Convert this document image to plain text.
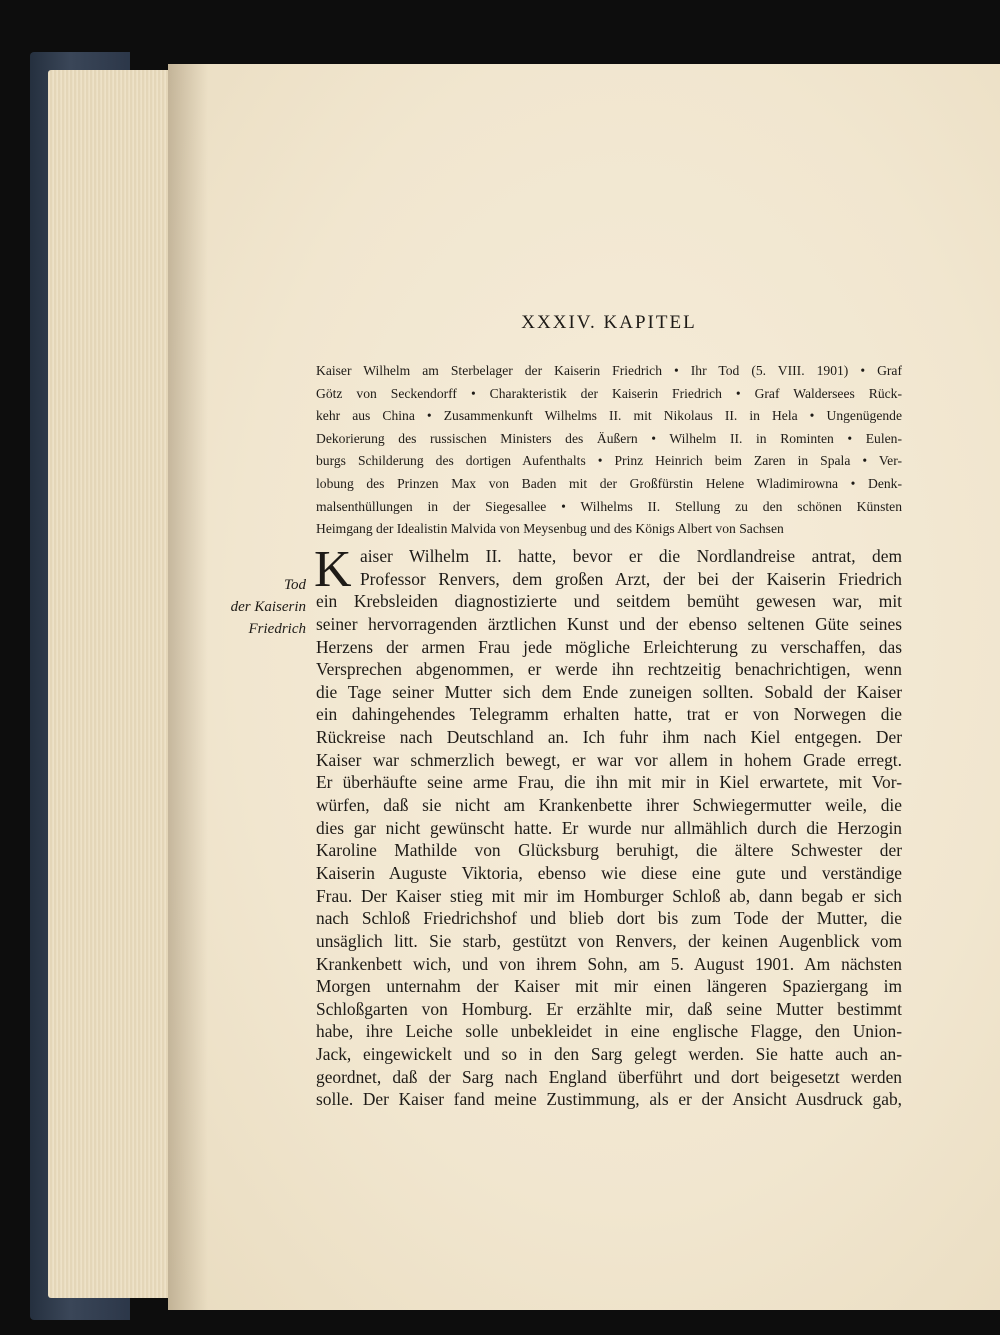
XXXIV. KAPITEL
Kaiser Wilhelm am Sterbelager der Kaiserin Friedrich • Ihr Tod (5. VIII. 1901) • Graf
Götz von Seckendorff • Charakteristik der Kaiserin Friedrich • Graf Waldersees Rück-
kehr aus China • Zusammenkunft Wilhelms II. mit Nikolaus II. in Hela • Ungenügende
Dekorierung des russischen Ministers des Äußern • Wilhelm II. in Rominten • Eulen-
burgs Schilderung des dortigen Aufenthalts • Prinz Heinrich beim Zaren in Spala • Ver-
lobung des Prinzen Max von Baden mit der Großfürstin Helene Wladimirowna • Denk-
malsenthüllungen in der Siegesallee • Wilhelms II. Stellung zu den schönen Künsten
Heimgang der Idealistin Malvida von Meysenbug und des Königs Albert von Sachsen
Tod
der Kaiserin
Friedrich
K aiser Wilhelm II. hatte, bevor er die Nordlandreise antrat, dem
Professor Renvers, dem großen Arzt, der bei der Kaiserin Friedrich
ein Krebsleiden diagnostizierte und seitdem bemüht gewesen war, mit
seiner hervorragenden ärztlichen Kunst und der ebenso seltenen Güte seines
Herzens der armen Frau jede mögliche Erleichterung zu verschaffen, das
Versprechen abgenommen, er werde ihn rechtzeitig benachrichtigen, wenn
die Tage seiner Mutter sich dem Ende zuneigen sollten. Sobald der Kaiser
ein dahingehendes Telegramm erhalten hatte, trat er von Norwegen die
Rückreise nach Deutschland an. Ich fuhr ihm nach Kiel entgegen. Der
Kaiser war schmerzlich bewegt, er war vor allem in hohem Grade erregt.
Er überhäufte seine arme Frau, die ihn mit mir in Kiel erwartete, mit Vor-
würfen, daß sie nicht am Krankenbette ihrer Schwiegermutter weile, die
dies gar nicht gewünscht hatte. Er wurde nur allmählich durch die Herzogin
Karoline Mathilde von Glücksburg beruhigt, die ältere Schwester der
Kaiserin Auguste Viktoria, ebenso wie diese eine gute und verständige
Frau. Der Kaiser stieg mit mir im Homburger Schloß ab, dann begab er sich
nach Schloß Friedrichshof und blieb dort bis zum Tode der Mutter, die
unsäglich litt. Sie starb, gestützt von Renvers, der keinen Augenblick vom
Krankenbett wich, und von ihrem Sohn, am 5. August 1901. Am nächsten
Morgen unternahm der Kaiser mit mir einen längeren Spaziergang im
Schloßgarten von Homburg. Er erzählte mir, daß seine Mutter bestimmt
habe, ihre Leiche solle unbekleidet in eine englische Flagge, den Union-
Jack, eingewickelt und so in den Sarg gelegt werden. Sie hatte auch an-
geordnet, daß der Sarg nach England überführt und dort beigesetzt werden
solle. Der Kaiser fand meine Zustimmung, als er der Ansicht Ausdruck gab,
